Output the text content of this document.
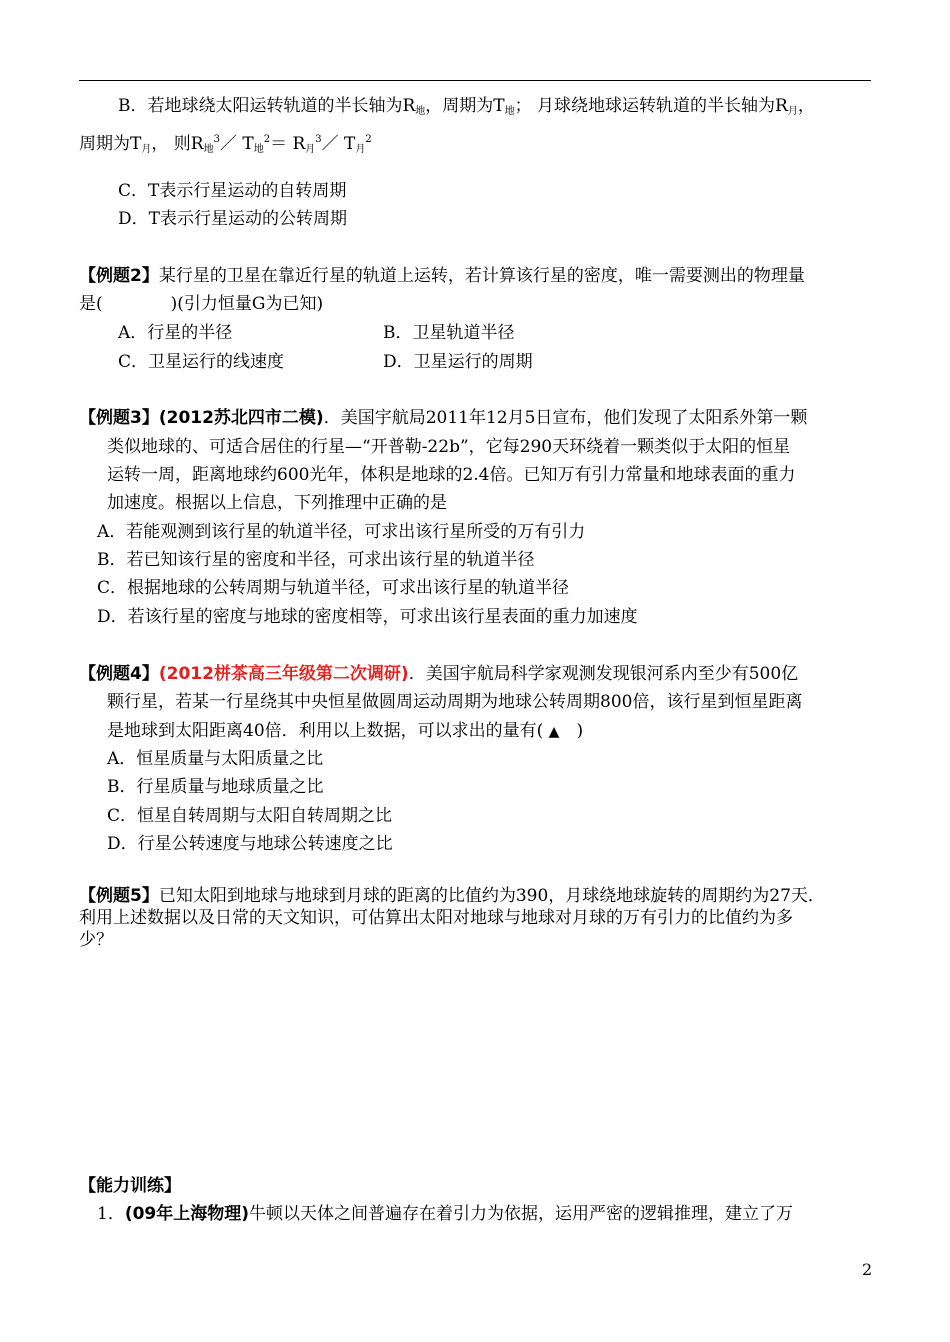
B．若地球绕太阳运转轨道的半长轴为$R_地$，周期为$T_地$； 月球绕地球运转轨道的半长轴为$R_月$，
周期为$T_月$， 则$R_地^3/$ $T_地^2=$ $R_月^3/$ $T_月^2$
C．T表示行星运动的自转周期
D．T表示行星运动的公转周期
【例题2】某行星的卫星在靠近行星的轨道上运转，若计算该行星的密度，唯一需要测出的物理量
是(　　　　)(引力恒量G为已知)
A．行星的半径	B．卫星轨道半径
C．卫星运行的线速度	D．卫星运行的周期
【例题3】(2012苏北四市二模)．美国宇航局2011年12月5日宣布，他们发现了太阳系外第一颗
类似地球的、可适合居住的行星—“开普勒-22b”，它每290天环绕着一颗类似于太阳的恒星
运转一周，距离地球约600光年，体积是地球的2.4倍。已知万有引力常量和地球表面的重力
加速度。根据以上信息，下列推理中正确的是
A．若能观测到该行星的轨道半径，可求出该行星所受的万有引力
B．若已知该行星的密度和半径，可求出该行星的轨道半径
C．根据地球的公转周期与轨道半径，可求出该行星的轨道半径
D．若该行星的密度与地球的密度相等，可求出该行星表面的重力加速度
【例题4】(2012栟茶高三年级第二次调研)．美国宇航局科学家观测发现银河系内至少有500亿
颗行星，若某一行星绕其中央恒星做圆周运动周期为地球公转周期800倍，该行星到恒星距离
是地球到太阳距离40倍．利用以上数据，可以求出的量有( ▲　 )
A．恒星质量与太阳质量之比
B．行星质量与地球质量之比
C．恒星自转周期与太阳自转周期之比
D．行星公转速度与地球公转速度之比
【例题5】已知太阳到地球与地球到月球的距离的比值约为390，月球绕地球旋转的周期约为27天．
利用上述数据以及日常的天文知识，可估算出太阳对地球与地球对月球的万有引力的比值约为多
少？
【能力训练】
1．(09年上海物理)牛顿以天体之间普遍存在着引力为依据，运用严密的逻辑推理，建立了万
2
